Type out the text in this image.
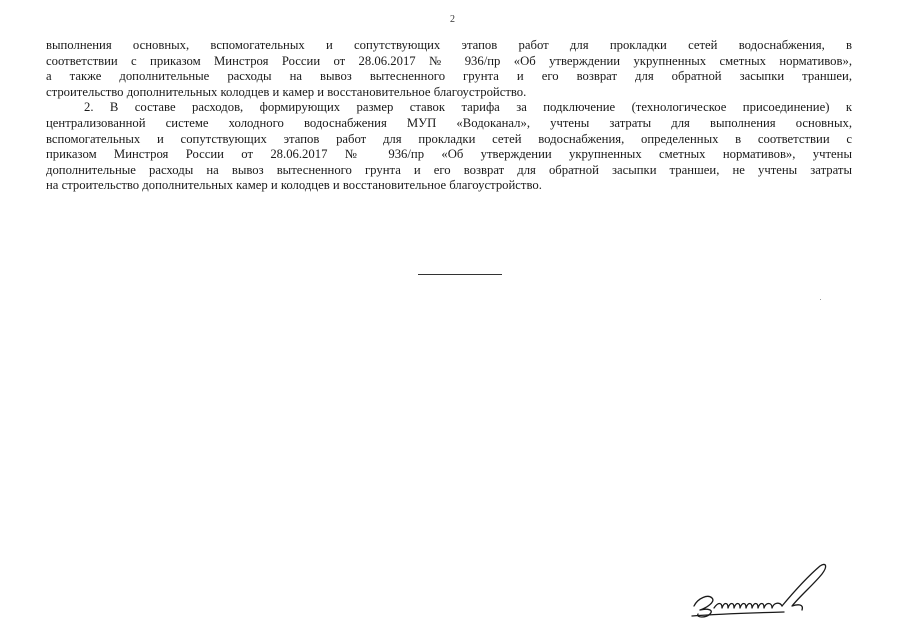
2
выполнения основных, вспомогательных и сопутствующих этапов работ для прокладки сетей водоснабжения, в
соответствии с приказом Минстроя России от 28.06.2017 № 936/пр «Об утверждении укрупненных сметных нормативов»,
а также дополнительные расходы на вывоз вытесненного грунта и его возврат для обратной засыпки траншеи,
строительство дополнительных колодцев и камер и восстановительное благоустройство.
2. В составе расходов, формирующих размер ставок тарифа за подключение (технологическое присоединение) к
централизованной системе холодного водоснабжения МУП «Водоканал», учтены затраты для выполнения основных,
вспомогательных и сопутствующих этапов работ для прокладки сетей водоснабжения, определенных в соответствии с
приказом Минстроя России от 28.06.2017 № 936/пр «Об утверждении укрупненных сметных нормативов», учтены
дополнительные расходы на вывоз вытесненного грунта и его возврат для обратной засыпки траншеи, не учтены затраты
на строительство дополнительных камер и колодцев и восстановительное благоустройство.
